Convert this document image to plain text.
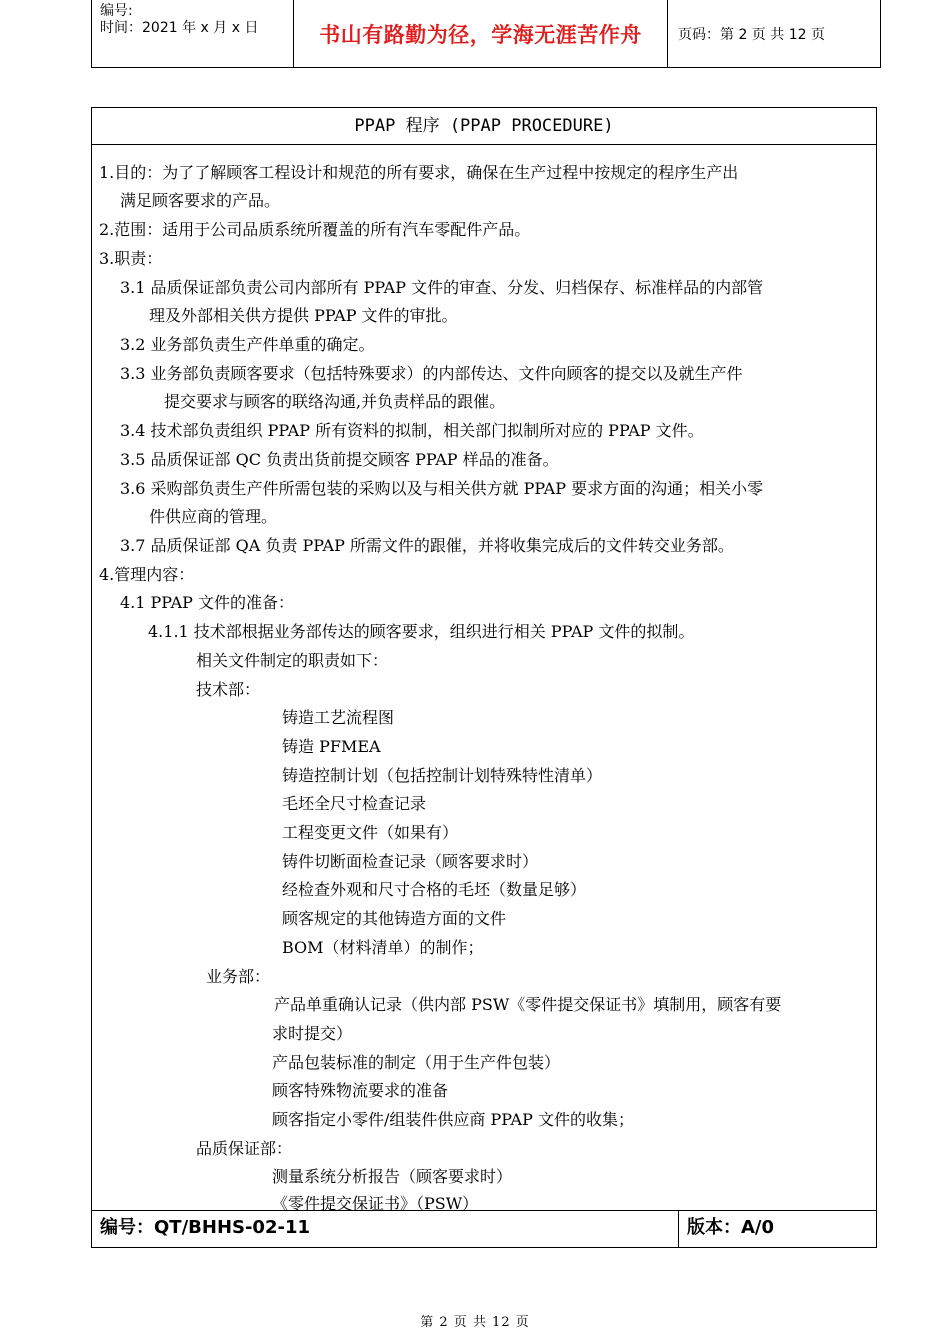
编号:
时间：2021 年 x 月 x 日	书山有路勤为径，学海无涯苦作舟	页码：第 2 页 共 12 页
PPAP 程序 (PPAP PROCEDURE)
1.目的：为了了解顾客工程设计和规范的所有要求，确保在生产过程中按规定的程序生产出
满足顾客要求的产品。
2.范围：适用于公司品质系统所覆盖的所有汽车零配件产品。
3.职责：
3.1 品质保证部负责公司内部所有 PPAP 文件的审查、分发、归档保存、标准样品的内部管
理及外部相关供方提供 PPAP 文件的审批。
3.2 业务部负责生产件单重的确定。
3.3 业务部负责顾客要求（包括特殊要求）的内部传达、文件向顾客的提交以及就生产件
提交要求与顾客的联络沟通,并负责样品的跟催。
3.4 技术部负责组织 PPAP 所有资料的拟制，相关部门拟制所对应的 PPAP 文件。
3.5 品质保证部 QC 负责出货前提交顾客 PPAP 样品的准备。
3.6 采购部负责生产件所需包装的采购以及与相关供方就 PPAP 要求方面的沟通；相关小零
件供应商的管理。
3.7 品质保证部 QA 负责 PPAP 所需文件的跟催，并将收集完成后的文件转交业务部。
4.管理内容：
4.1 PPAP 文件的准备：
4.1.1 技术部根据业务部传达的顾客要求，组织进行相关 PPAP 文件的拟制。
相关文件制定的职责如下：
技术部：
铸造工艺流程图
铸造 PFMEA
铸造控制计划（包括控制计划特殊特性清单）
毛坯全尺寸检查记录
工程变更文件（如果有）
铸件切断面检查记录（顾客要求时）
经检查外观和尺寸合格的毛坯（数量足够）
顾客规定的其他铸造方面的文件
BOM（材料清单）的制作；
业务部：
产品单重确认记录（供内部 PSW《零件提交保证书》填制用，顾客有要
求时提交）
产品包装标准的制定（用于生产件包装）
顾客特殊物流要求的准备
顾客指定小零件/组装件供应商 PPAP 文件的收集；
品质保证部：
测量系统分析报告（顾客要求时）
《零件提交保证书》（PSW）
编号：QT/BHHS-02-11	版本：A/0
第 2 页 共 12 页
